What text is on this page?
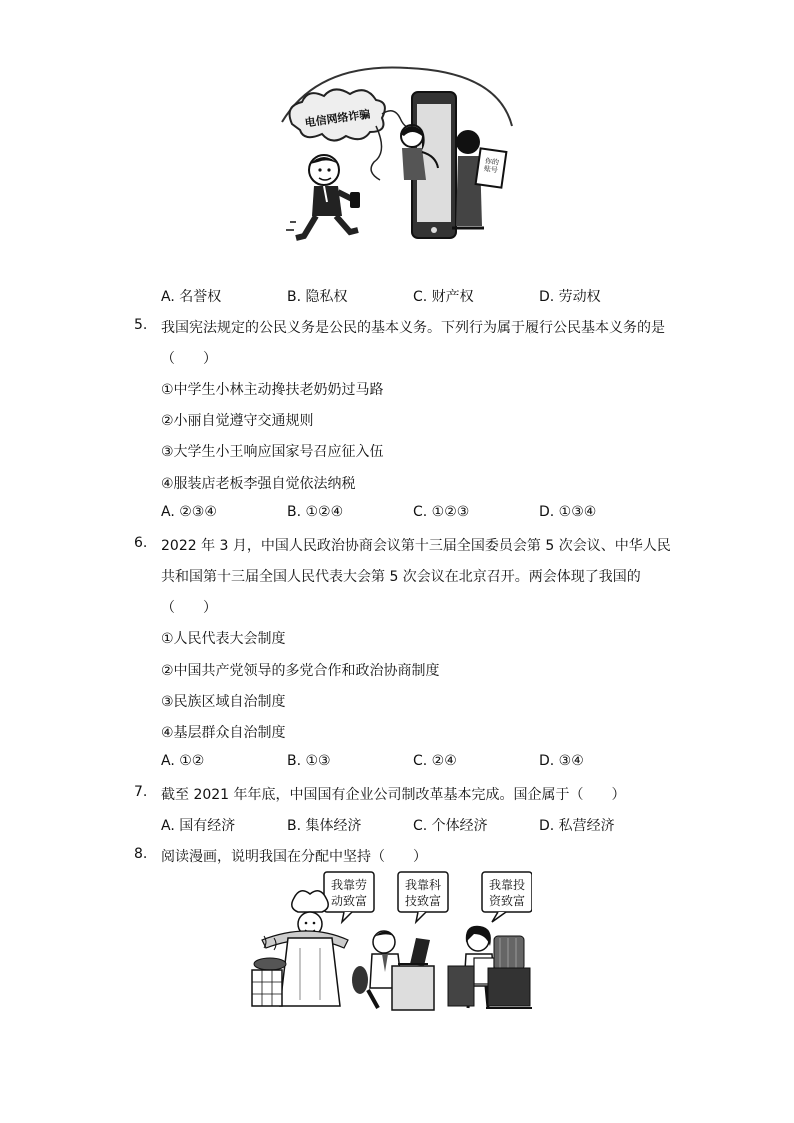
电信网络诈骗
你的账号
A. 名誉权	B. 隐私权	C. 财产权	D. 劳动权
5. 我国宪法规定的公民义务是公民的基本义务。下列行为属于履行公民基本义务的是
（　　）
①中学生小林主动搀扶老奶奶过马路
②小丽自觉遵守交通规则
③大学生小王响应国家号召应征入伍
④服装店老板李强自觉依法纳税
A. ②③④	B. ①②④	C. ①②③	D. ①③④
6. 2022 年 3 月，中国人民政治协商会议第十三届全国委员会第 5 次会议、中华人民
共和国第十三届全国人民代表大会第 5 次会议在北京召开。两会体现了我国的
（　　）
①人民代表大会制度
②中国共产党领导的多党合作和政治协商制度
③民族区域自治制度
④基层群众自治制度
A. ①②	B. ①③	C. ②④	D. ③④
7. 截至 2021 年年底，中国国有企业公司制改革基本完成。国企属于（　　）
A. 国有经济	B. 集体经济	C. 个体经济	D. 私营经济
8. 阅读漫画，说明我国在分配中坚持（　　）
我靠劳
动致富
我靠科
技致富
我靠投
资致富
